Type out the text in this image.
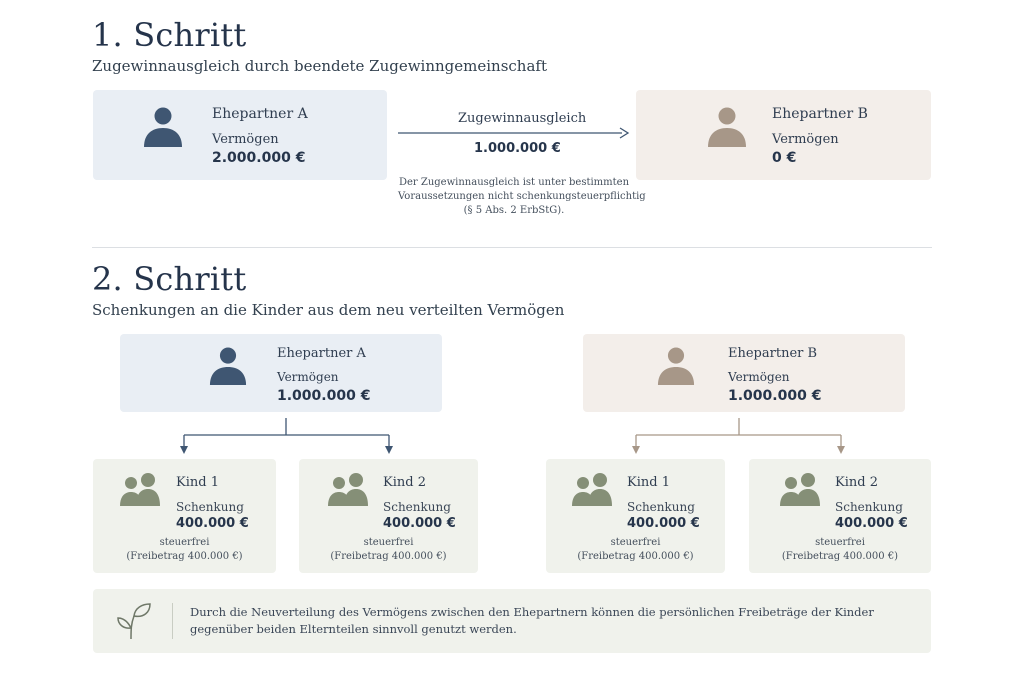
1. Schritt
Zugewinnausgleich durch beendete Zugewinngemeinschaft
Ehepartner A
Vermögen
2.000.000 €
Zugewinnausgleich
1.000.000 €
Der Zugewinnausgleich ist unter bestimmten
Voraussetzungen nicht schenkungsteuerpflichtig
(§ 5 Abs. 2 ErbStG).
Ehepartner B
Vermögen
0 €
2. Schritt
Schenkungen an die Kinder aus dem neu verteilten Vermögen
Ehepartner A
Vermögen
1.000.000 €
Ehepartner B
Vermögen
1.000.000 €
Kind 1
Schenkung
400.000 €
steuerfrei
(Freibetrag 400.000 €)
Kind 2
Schenkung
400.000 €
steuerfrei
(Freibetrag 400.000 €)
Kind 1
Schenkung
400.000 €
steuerfrei
(Freibetrag 400.000 €)
Kind 2
Schenkung
400.000 €
steuerfrei
(Freibetrag 400.000 €)
Durch die Neuverteilung des Vermögens zwischen den Ehepartnern können die persönlichen Freibeträge der Kinder
gegenüber beiden Elternteilen sinnvoll genutzt werden.
